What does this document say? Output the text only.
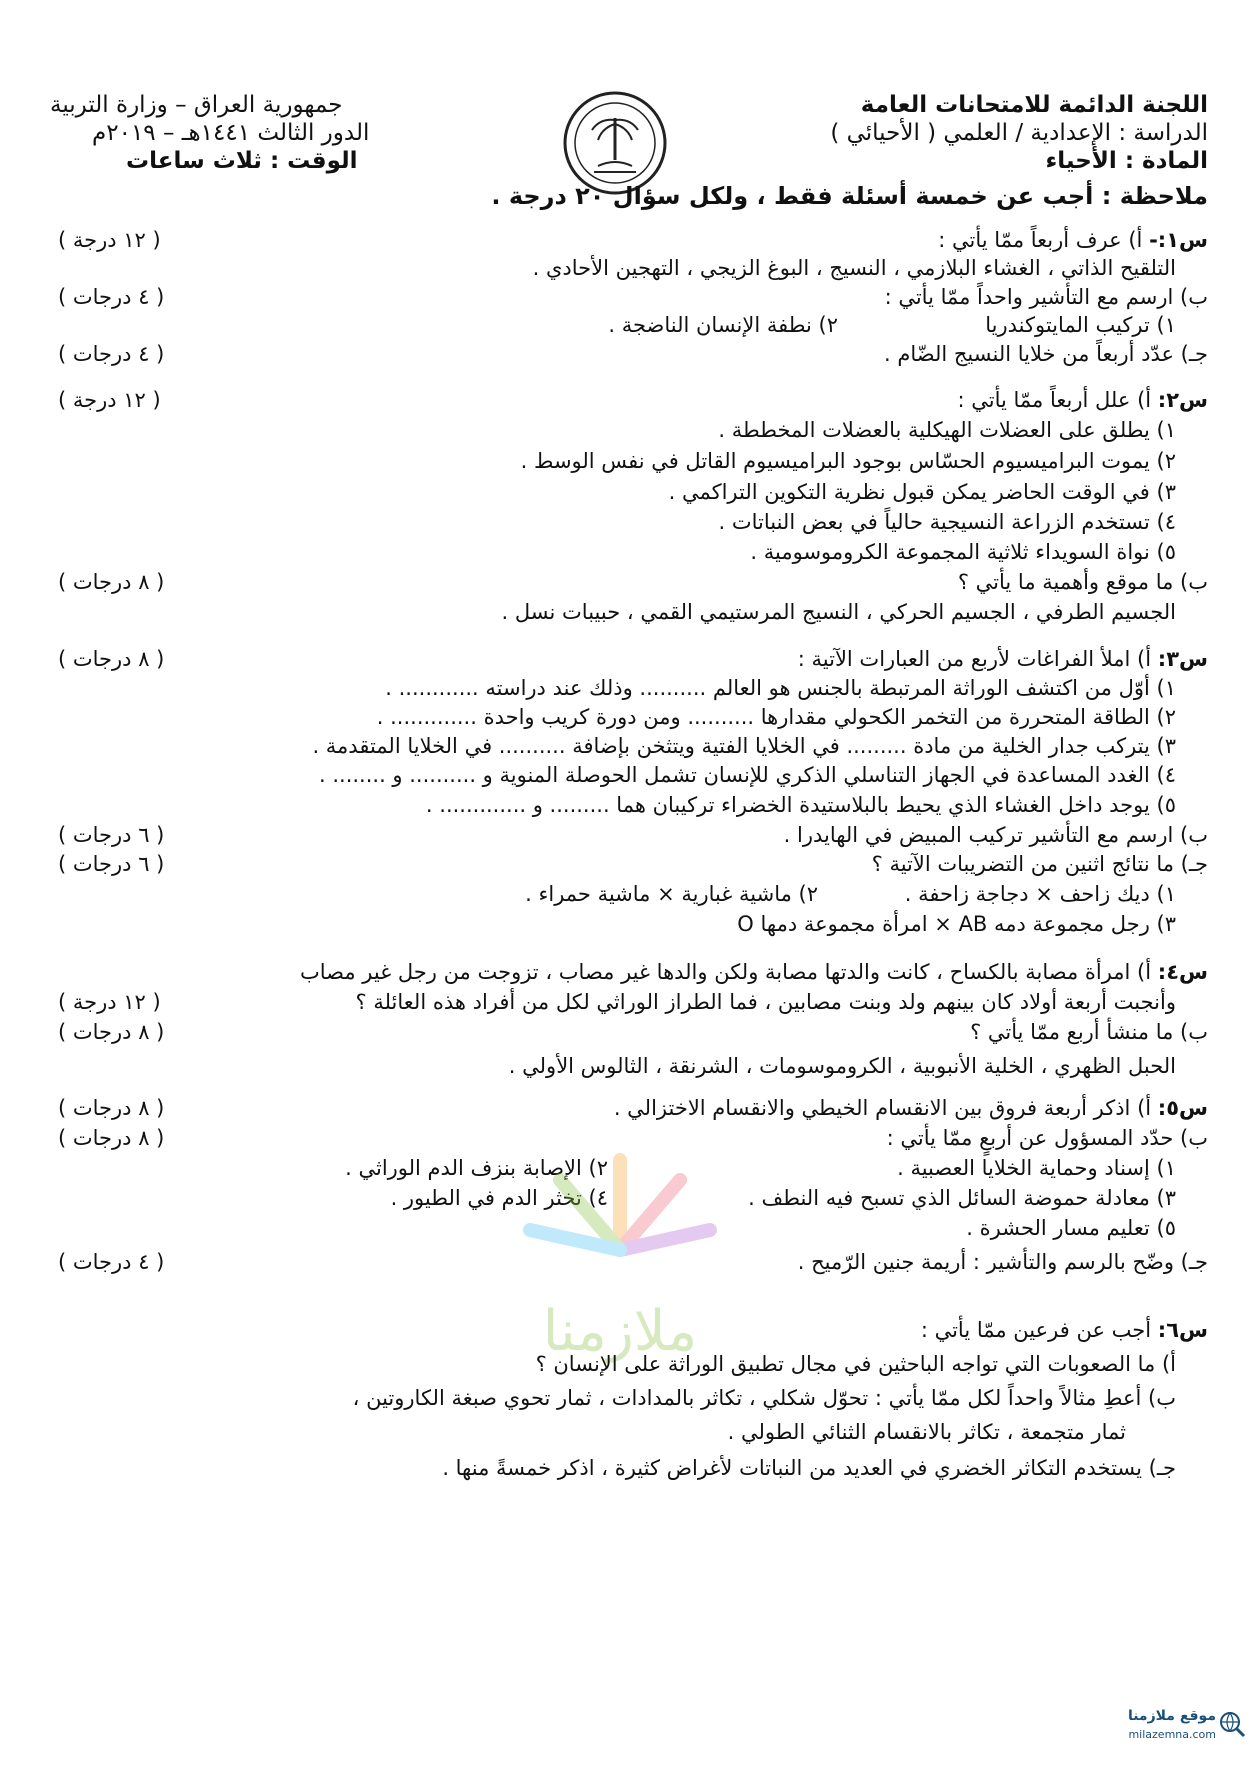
اللجنة الدائمة للامتحانات العامة
الدراسة : الإعدادية / العلمي ( الأحيائي )
المادة : الأحياء
جمهورية العراق – وزارة التربية
الدور الثالث ١٤٤١هـ – ٢٠١٩م
الوقت : ثلاث ساعات
ملاحظة : أجب عن خمسة أسئلة فقط ، ولكل سؤال ٢٠ درجة .
س١:- أ) عرف أربعاً ممّا يأتي :
( ١٢ درجة )
التلقيح الذاتي ، الغشاء البلازمي ، النسيج ، البوغ الزيجي ، التهجين الأحادي .
ب) ارسم مع التأشير واحداً ممّا يأتي :
( ٤ درجات )
١) تركيب المايتوكندريا
٢) نطفة الإنسان الناضجة .
جـ) عدّد أربعاً من خلايا النسيج الضّام .
( ٤ درجات )
س٢: أ) علل أربعاً ممّا يأتي :
( ١٢ درجة )
١) يطلق على العضلات الهيكلية بالعضلات المخططة .
٢) يموت البراميسيوم الحسّاس بوجود البراميسيوم القاتل في نفس الوسط .
٣) في الوقت الحاضر يمكن قبول نظرية التكوين التراكمي .
٤) تستخدم الزراعة النسيجية حالياً في بعض النباتات .
٥) نواة السويداء ثلاثية المجموعة الكروموسومية .
ب) ما موقع وأهمية ما يأتي ؟
( ٨ درجات )
الجسيم الطرفي ، الجسيم الحركي ، النسيج المرستيمي القمي ، حبيبات نسل .
س٣: أ) املأ الفراغات لأربع من العبارات الآتية :
( ٨ درجات )
١) أوّل من اكتشف الوراثة المرتبطة بالجنس هو العالم .......... وذلك عند دراسته ............ .
٢) الطاقة المتحررة من التخمر الكحولي مقدارها .......... ومن دورة كريب واحدة ............. .
٣) يتركب جدار الخلية من مادة ......... في الخلايا الفتية ويتثخن بإضافة .......... في الخلايا المتقدمة .
٤) الغدد المساعدة في الجهاز التناسلي الذكري للإنسان تشمل الحوصلة المنوية و .......... و ........ .
٥) يوجد داخل الغشاء الذي يحيط بالبلاستيدة الخضراء تركيبان هما ......... و ............. .
ب) ارسم مع التأشير تركيب المبيض في الهايدرا .
( ٦ درجات )
جـ) ما نتائج اثنين من التضريبات الآتية ؟
( ٦ درجات )
١) ديك زاحف × دجاجة زاحفة .
٢) ماشية غبارية × ماشية حمراء .
٣) رجل مجموعة دمه AB × امرأة مجموعة دمها O
س٤: أ) امرأة مصابة بالكساح ، كانت والدتها مصابة ولكن والدها غير مصاب ، تزوجت من رجل غير مصاب
وأنجبت أربعة أولاد كان بينهم ولد وبنت مصابين ، فما الطراز الوراثي لكل من أفراد هذه العائلة ؟
( ١٢ درجة )
ب) ما منشأ أربع ممّا يأتي ؟
( ٨ درجات )
الحبل الظهري ، الخلية الأنبوبية ، الكروموسومات ، الشرنقة ، الثالوس الأولي .
س٥: أ) اذكر أربعة فروق بين الانقسام الخيطي والانقسام الاختزالي .
( ٨ درجات )
ب) حدّد المسؤول عن أربعٍ ممّا يأتي :
( ٨ درجات )
١) إسناد وحماية الخلايا العصبية .
٢) الإصابة بنزف الدم الوراثي .
٣) معادلة حموضة السائل الذي تسبح فيه النطف .
٤) تخثر الدم في الطيور .
٥) تعليم مسار الحشرة .
جـ) وضّح بالرسم والتأشير : أريمة جنين الرّميح .
( ٤ درجات )
ملازمنا	س٦: أجب عن فرعين ممّا يأتي :
أ) ما الصعوبات التي تواجه الباحثين في مجال تطبيق الوراثة على الإنسان ؟
ب) أعطِ مثالاً واحداً لكل ممّا يأتي : تحوّل شكلي ، تكاثر بالمدادات ، ثمار تحوي صبغة الكاروتين ،
ثمار متجمعة ، تكاثر بالانقسام الثنائي الطولي .
جـ) يستخدم التكاثر الخضري في العديد من النباتات لأغراض كثيرة ، اذكر خمسةً منها .
موقع ملازمنا
milazemna.com
